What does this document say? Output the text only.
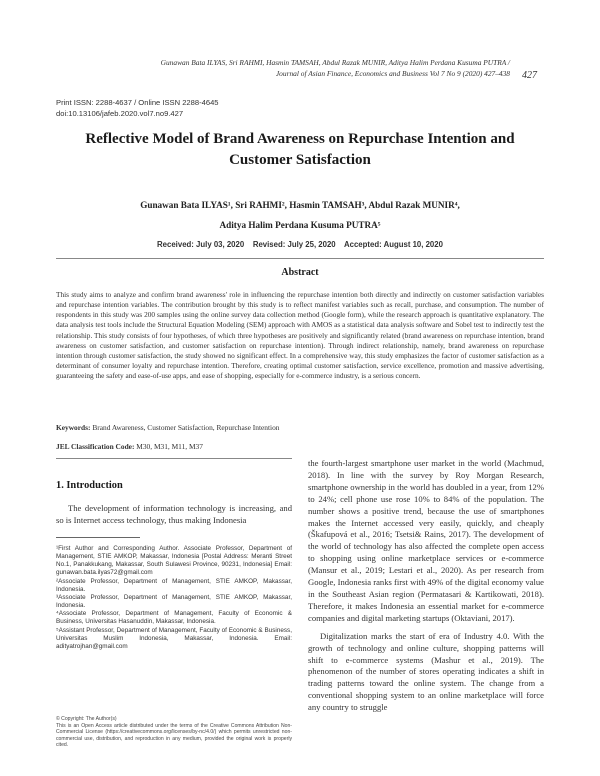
Gunawan Bata ILYAS, Sri RAHMI, Hasmin TAMSAH, Abdul Razak MUNIR, Aditya Halim Perdana Kusuma PUTRA /
Journal of Asian Finance, Economics and Business Vol 7 No 9 (2020) 427–438 427
Print ISSN: 2288-4637 / Online ISSN 2288-4645
doi:10.13106/jafeb.2020.vol7.no9.427
Reflective Model of Brand Awareness on Repurchase Intention and
Customer Satisfaction
Gunawan Bata ILYAS¹, Sri RAHMI², Hasmin TAMSAH³, Abdul Razak MUNIR⁴,
Aditya Halim Perdana Kusuma PUTRA⁵
Received: July 03, 2020    Revised: July 25, 2020    Accepted: August 10, 2020
Abstract
This study aims to analyze and confirm brand awareness' role in influencing the repurchase intention both directly and indirectly on customer satisfaction variables and repurchase intention variables. The contribution brought by this study is to reflect manifest variables such as recall, purchase, and consumption. The number of respondents in this study was 200 samples using the online survey data collection method (Google form), while the research approach is quantitative explanatory. The data analysis test tools include the Structural Equation Modeling (SEM) approach with AMOS as a statistical data analysis software and Sobel test to indirectly test the relationship. This study consists of four hypotheses, of which three hypotheses are positively and significantly related (brand awareness on repurchase intention, brand awareness on customer satisfaction, and customer satisfaction on repurchase intention). Through indirect relationship, namely, brand awareness on repurchase intention through customer satisfaction, the study showed no significant effect. In a comprehensive way, this study emphasizes the factor of customer satisfaction as a determinant of consumer loyalty and repurchase intention. Therefore, creating optimal customer satisfaction, service excellence, promotion and massive advertising, guaranteeing the safety and ease-of-use apps, and ease of shopping, especially for e-commerce industry, is a serious concern.
Keywords: Brand Awareness, Customer Satisfaction, Repurchase Intention
JEL Classification Code: M30, M31, M11, M37
1. Introduction
The development of information technology is increasing, and so is Internet access technology, thus making Indonesia

¹First Author and Corresponding Author. Associate Professor, Department of Management, STIE AMKOP, Makassar, Indonesia [Postal Address: Meranti Street No.1, Panakkukang, Makassar, South Sulawesi Province, 90231, Indonesia] Email: gunawan.bata.ilyas72@gmail.com

²Associate Professor, Department of Management, STIE AMKOP, Makassar, Indonesia.

³Associate Professor, Department of Management, STIE AMKOP, Makassar, Indonesia.

⁴Associate Professor, Department of Management, Faculty of Economic & Business, Universitas Hasanuddin, Makassar, Indonesia.

⁵Assistant Professor, Department of Management, Faculty of Economic & Business, Universitas Muslim Indonesia, Makassar, Indonesia. Email: adityatrojhan@gmail.com

© Copyright: The Author(s)
This is an Open Access article distributed under the terms of the Creative Commons Attribution Non-Commercial License (https://creativecommons.org/licenses/by-nc/4.0/) which permits unrestricted non-commercial use, distribution, and reproduction in any medium, provided the original work is properly cited.

the fourth-largest smartphone user market in the world (Machmud, 2018). In line with the survey by Roy Morgan Research, smartphone ownership in the world has doubled in a year, from 12% to 24%; cell phone use rose 10% to 84% of the population. The number shows a positive trend, because the use of smartphones makes the Internet accessed very easily, quickly, and cheaply (Škafupová et al., 2016; Tsetsi& Rains, 2017). The development of the world of technology has also affected the complete open access to shopping using online marketplace services or e-commerce (Mansur et al., 2019; Lestari et al., 2020). As per research from Google, Indonesia ranks first with 49% of the digital economy value in the Southeast Asian region (Permatasari & Kartikowati, 2018). Therefore, it makes Indonesia an essential market for e-commerce companies and digital marketing startups (Oktaviani, 2017).

Digitalization marks the start of era of Industry 4.0. With the growth of technology and online culture, shopping patterns will shift to e-commerce systems (Mashur et al., 2019). The phenomenon of the number of stores operating indicates a shift in trading patterns toward the online system. The change from a conventional shopping system to an online marketplace will force any country to struggle
